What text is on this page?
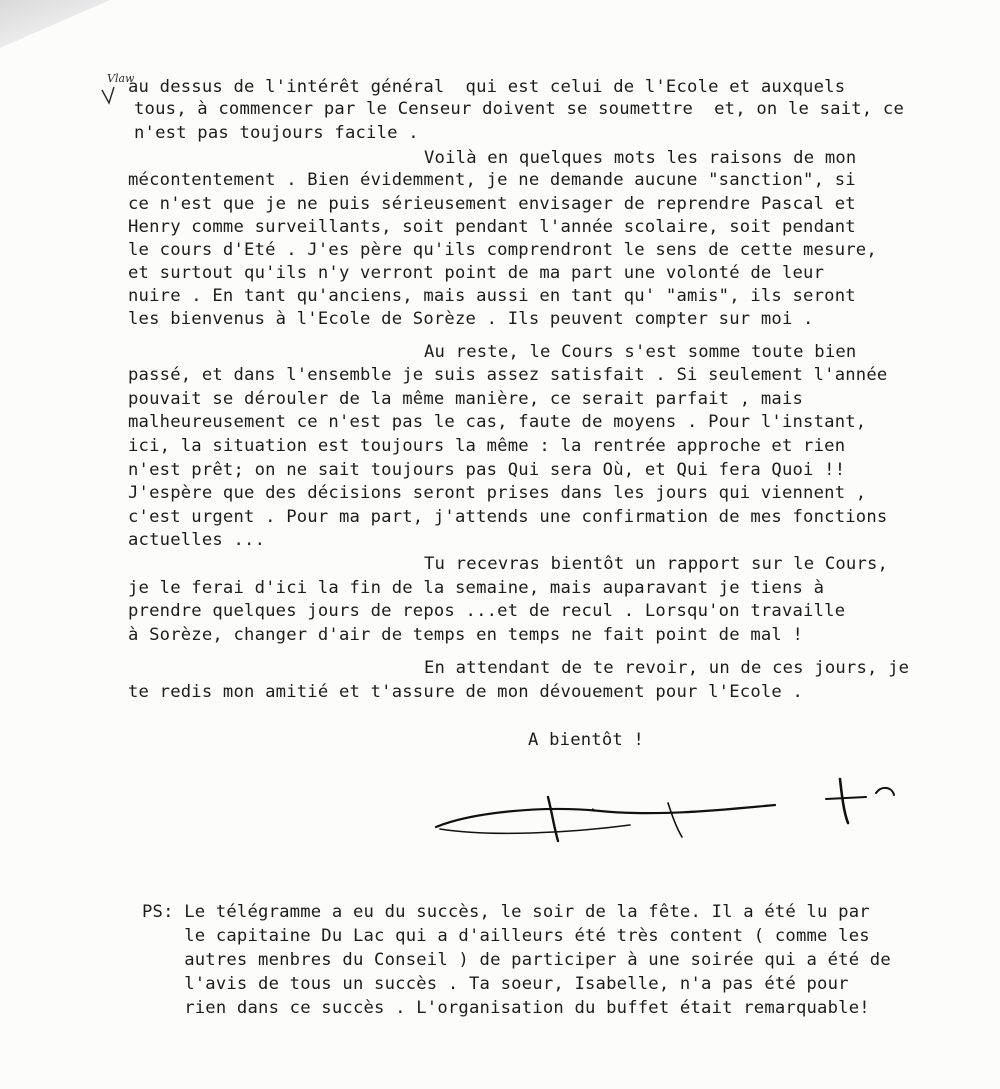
Vlaw
au dessus de l'intérêt général  qui est celui de l'Ecole et auxquels
tous, à commencer par le Censeur doivent se soumettre  et, on le sait, ce
n'est pas toujours facile .
Voilà en quelques mots les raisons de mon
mécontentement . Bien évidemment, je ne demande aucune "sanction", si
ce n'est que je ne puis sérieusement envisager de reprendre Pascal et
Henry comme surveillants, soit pendant l'année scolaire, soit pendant
le cours d'Eté . J'es père qu'ils comprendront le sens de cette mesure,
et surtout qu'ils n'y verront point de ma part une volonté de leur
nuire . En tant qu'anciens, mais aussi en tant qu' "amis", ils seront
les bienvenus à l'Ecole de Sorèze . Ils peuvent compter sur moi .
Au reste, le Cours s'est somme toute bien
passé, et dans l'ensemble je suis assez satisfait . Si seulement l'année
pouvait se dérouler de la même manière, ce serait parfait , mais
malheureusement ce n'est pas le cas, faute de moyens . Pour l'instant,
ici, la situation est toujours la même : la rentrée approche et rien
n'est prêt; on ne sait toujours pas Qui sera Où, et Qui fera Quoi !!
J'espère que des décisions seront prises dans les jours qui viennent ,
c'est urgent . Pour ma part, j'attends une confirmation de mes fonctions
actuelles ...
Tu recevras bientôt un rapport sur le Cours,
je le ferai d'ici la fin de la semaine, mais auparavant je tiens à
prendre quelques jours de repos ...et de recul . Lorsqu'on travaille
à Sorèze, changer d'air de temps en temps ne fait point de mal !
En attendant de te revoir, un de ces jours, je
te redis mon amitié et t'assure de mon dévouement pour l'Ecole .
A bientôt !
PS: Le télégramme a eu du succès, le soir de la fête. Il a été lu par
le capitaine Du Lac qui a d'ailleurs été très content ( comme les
autres menbres du Conseil ) de participer à une soirée qui a été de
l'avis de tous un succès . Ta soeur, Isabelle, n'a pas été pour
rien dans ce succès . L'organisation du buffet était remarquable!
